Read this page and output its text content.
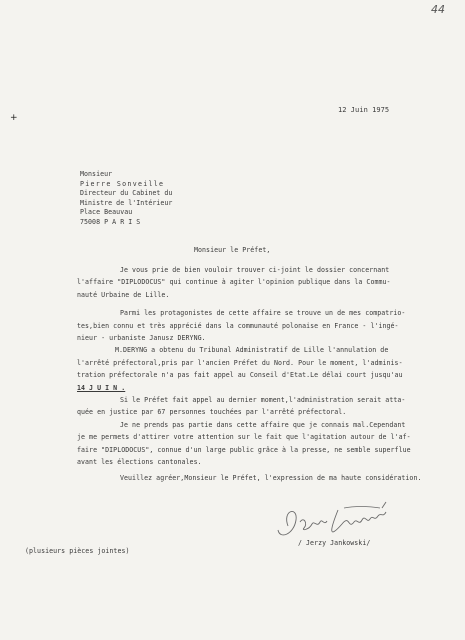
44
+
12 Juin 1975
Monsieur
Pierre Sonveille
Directeur du Cabinet du
Ministre de l'Intérieur
Place Beauvau
75008 P A R I S
Monsieur le Préfet,
Je vous prie de bien vouloir trouver ci-joint le dossier concernant
l'affaire "DIPLODOCUS" qui continue à agiter l'opinion publique dans la Commu-
nauté Urbaine de Lille.
Parmi les protagonistes de cette affaire se trouve un de mes compatrio-
tes,bien connu et très apprécié dans la communauté polonaise en France - l'ingé-
nieur - urbaniste Janusz DERYNG.
M.DERYNG a obtenu du Tribunal Administratif de Lille l'annulation de
l'arrêté préfectoral,pris par l'ancien Préfet du Nord. Pour le moment, l'adminis-
tration préfectorale n'a pas fait appel au Conseil d'Etat.Le délai court jusqu'au
14 J U I N .
Si le Préfet fait appel au dernier moment,l'administration serait atta-
quée en justice par 67 personnes touchées par l'arrêté préfectoral.
Je ne prends pas partie dans cette affaire que je connais mal.Cependant
je me permets d'attirer votre attention sur le fait que l'agitation autour de l'af-
faire "DIPLODOCUS", connue d'un large public grâce à la presse, ne semble superflue
avant les élections cantonales.
Veuillez agréer,Monsieur le Préfet, l'expression de ma haute considération.
(plusieurs pièces jointes)
/ Jerzy Jankowski/
